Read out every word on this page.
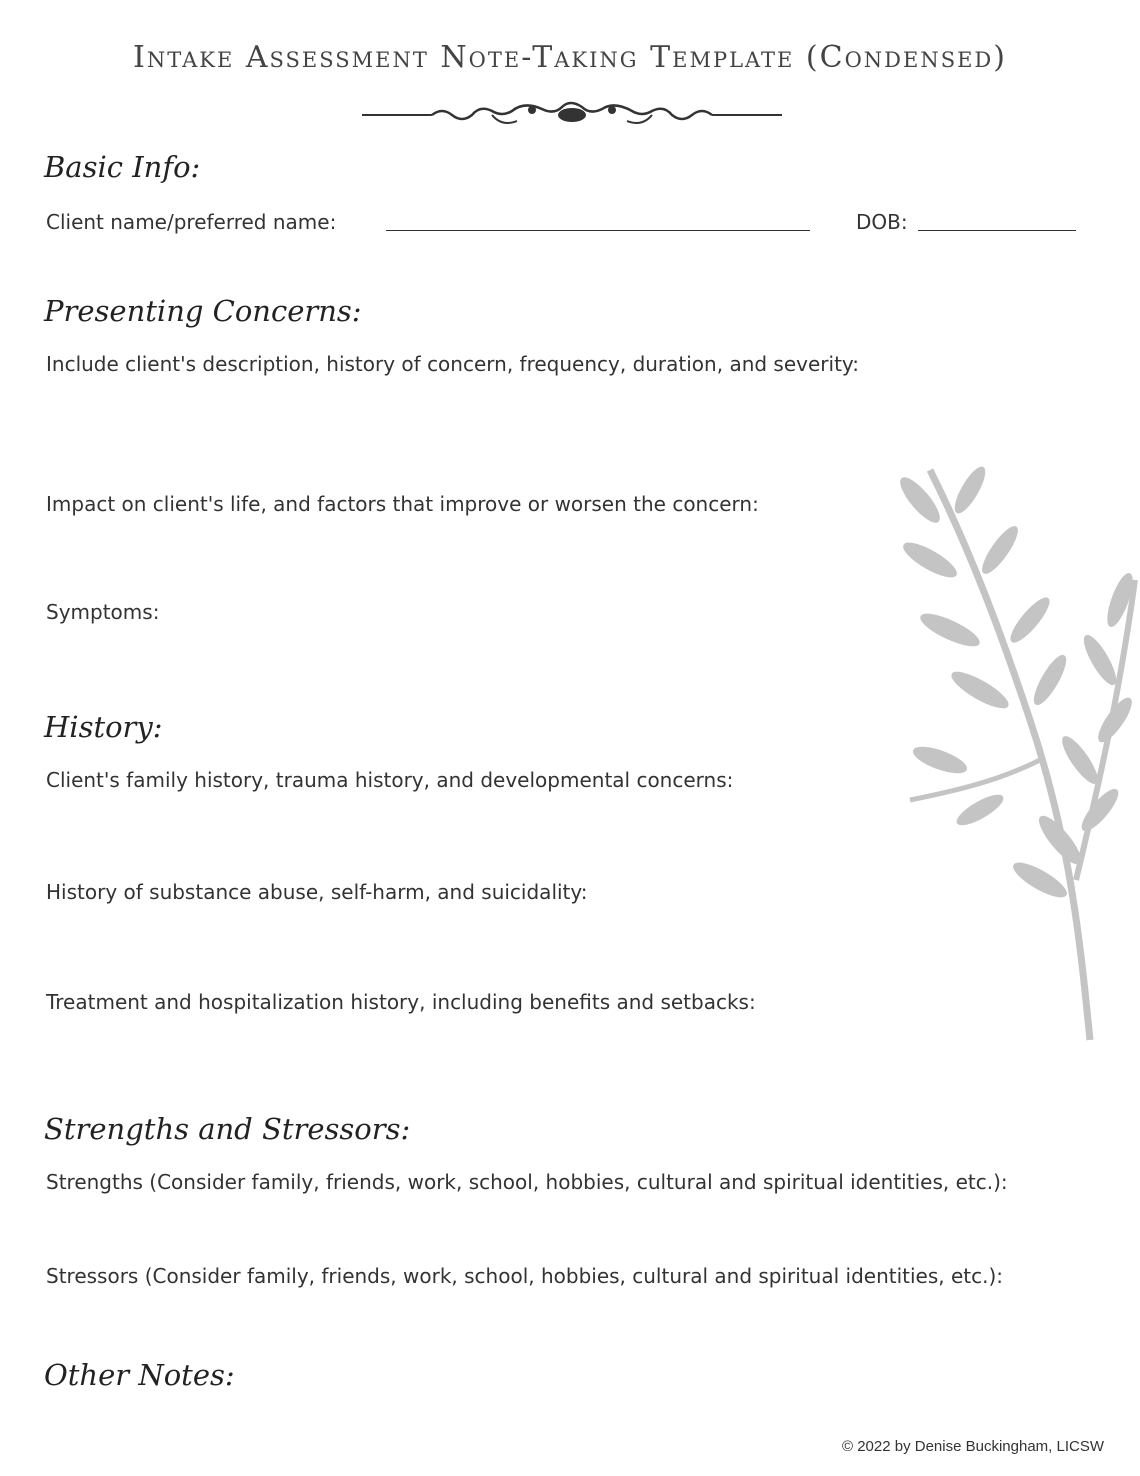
Intake Assessment Note-Taking Template (Condensed)
Basic Info:
Client name/preferred name:	DOB:
Presenting Concerns:
Include client's description, history of concern, frequency, duration, and severity:
Impact on client's life, and factors that improve or worsen the concern:
Symptoms:
History:
Client's family history, trauma history, and developmental concerns:
History of substance abuse, self-harm, and suicidality:
Treatment and hospitalization history, including benefits and setbacks:
Strengths and Stressors:
Strengths (Consider family, friends, work, school, hobbies, cultural and spiritual identities, etc.):
Stressors (Consider family, friends, work, school, hobbies, cultural and spiritual identities, etc.):
Other Notes:
© 2022 by Denise Buckingham, LICSW
